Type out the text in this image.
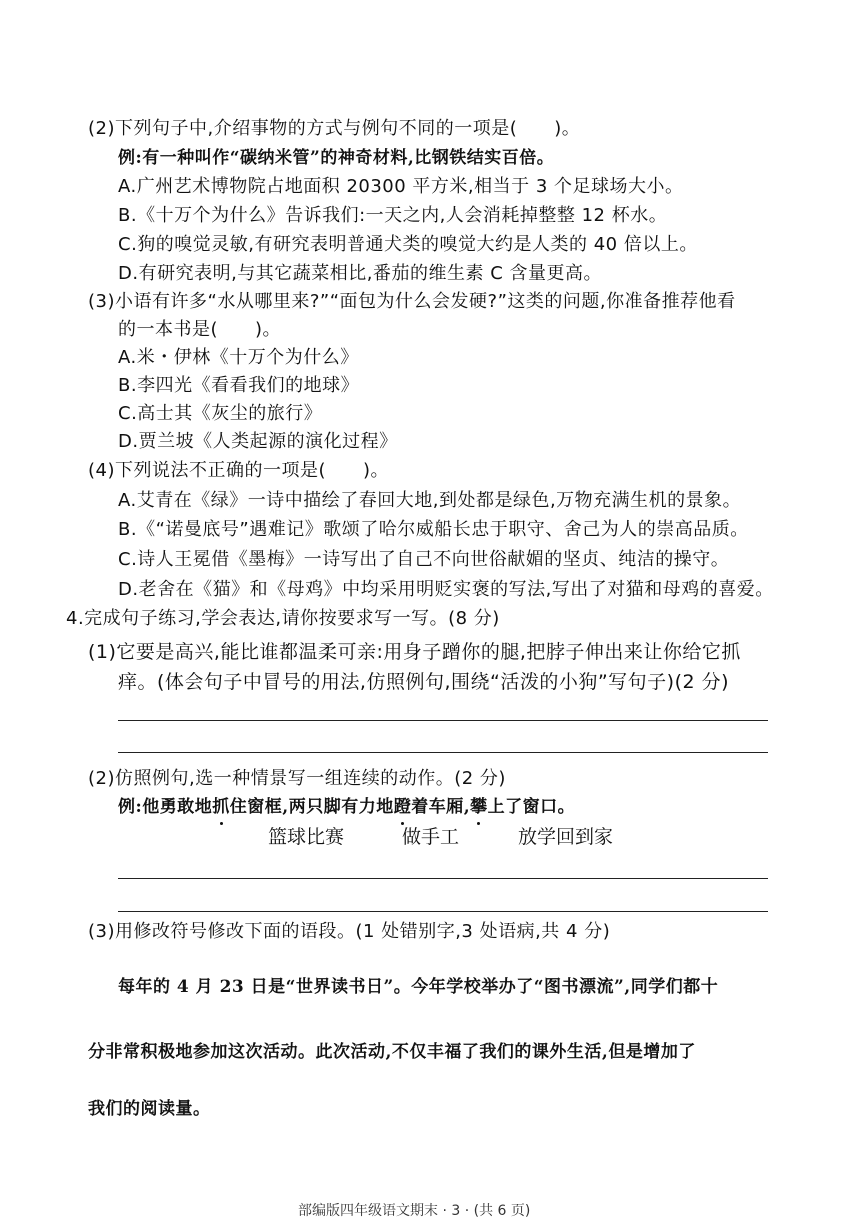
(2)下列句子中,介绍事物的方式与例句不同的一项是(　　)。
例:有一种叫作“碳纳米管”的神奇材料,比钢铁结实百倍。
A.广州艺术博物院占地面积 20300 平方米,相当于 3 个足球场大小。
B.《十万个为什么》告诉我们:一天之内,人会消耗掉整整 12 杯水。
C.狗的嗅觉灵敏,有研究表明普通犬类的嗅觉大约是人类的 40 倍以上。
D.有研究表明,与其它蔬菜相比,番茄的维生素 C 含量更高。
(3)小语有许多“水从哪里来?”“面包为什么会发硬?”这类的问题,你准备推荐他看
的一本书是(　　)。
A.米・伊林《十万个为什么》
B.李四光《看看我们的地球》
C.高士其《灰尘的旅行》
D.贾兰坡《人类起源的演化过程》
(4)下列说法不正确的一项是(　　)。
A.艾青在《绿》一诗中描绘了春回大地,到处都是绿色,万物充满生机的景象。
B.《“诺曼底号”遇难记》歌颂了哈尔威船长忠于职守、舍己为人的崇高品质。
C.诗人王冕借《墨梅》一诗写出了自己不向世俗献媚的坚贞、纯洁的操守。
D.老舍在《猫》和《母鸡》中均采用明贬实褒的写法,写出了对猫和母鸡的喜爱。
4.完成句子练习,学会表达,请你按要求写一写。(8 分)
(1)它要是高兴,能比谁都温柔可亲:用身子蹭你的腿,把脖子伸出来让你给它抓
痒。(体会句子中冒号的用法,仿照例句,围绕“活泼的小狗”写句子)(2 分)
(2)仿照例句,选一种情景写一组连续的动作。(2 分)
例:他勇敢地抓住窗框,两只脚有力地蹬着车厢,攀上了窗口。
篮球比赛	做手工	放学回到家
(3)用修改符号修改下面的语段。(1 处错别字,3 处语病,共 4 分)
每年的 4 月 23 日是“世界读书日”。今年学校举办了“图书漂流”,同学们都十
分非常积极地参加这次活动。此次活动,不仅丰福了我们的课外生活,但是增加了
我们的阅读量。
部编版四年级语文期末 · 3 · (共 6 页)
